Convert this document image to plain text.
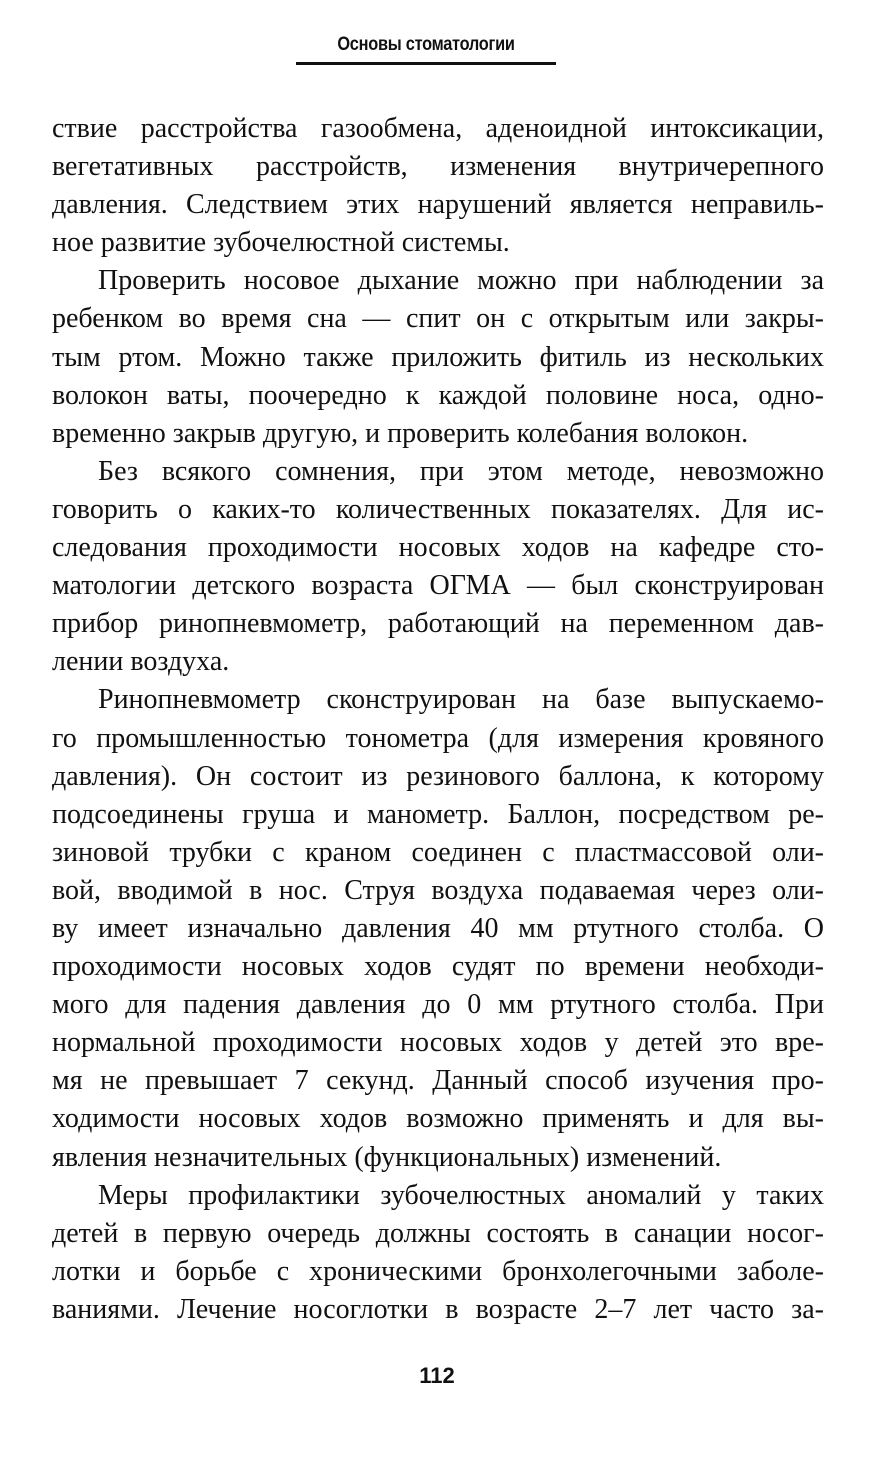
Основы стоматологии
ствие расстройства газообмена, аденоидной интоксикации,
вегетативных расстройств, изменения внутричерепного
давления. Следствием этих нарушений является неправиль-
ное развитие зубочелюстной системы.
Проверить носовое дыхание можно при наблюдении за
ребенком во время сна — спит он с открытым или закры-
тым ртом. Можно также приложить фитиль из нескольких
волокон ваты, поочередно к каждой половине носа, одно-
временно закрыв другую, и проверить колебания волокон.
Без всякого сомнения, при этом методе, невозможно
говорить о каких-то количественных показателях. Для ис-
следования проходимости носовых ходов на кафедре сто-
матологии детского возраста ОГМА — был сконструирован
прибор ринопневмометр, работающий на переменном дав-
лении воздуха.
Ринопневмометр сконструирован на базе выпускаемо-
го промышленностью тонометра (для измерения кровяного
давления). Он состоит из резинового баллона, к которому
подсоединены груша и манометр. Баллон, посредством ре-
зиновой трубки с краном соединен с пластмассовой оли-
вой, вводимой в нос. Струя воздуха подаваемая через оли-
ву имеет изначально давления 40 мм ртутного столба. О
проходимости носовых ходов судят по времени необходи-
мого для падения давления до 0 мм ртутного столба. При
нормальной проходимости носовых ходов у детей это вре-
мя не превышает 7 секунд. Данный способ изучения про-
ходимости носовых ходов возможно применять и для вы-
явления незначительных (функциональных) изменений.
Меры профилактики зубочелюстных аномалий у таких
детей в первую очередь должны состоять в санации носог-
лотки и борьбе с хроническими бронхолегочными заболе-
ваниями. Лечение носоглотки в возрасте 2–7 лет часто за-
112
